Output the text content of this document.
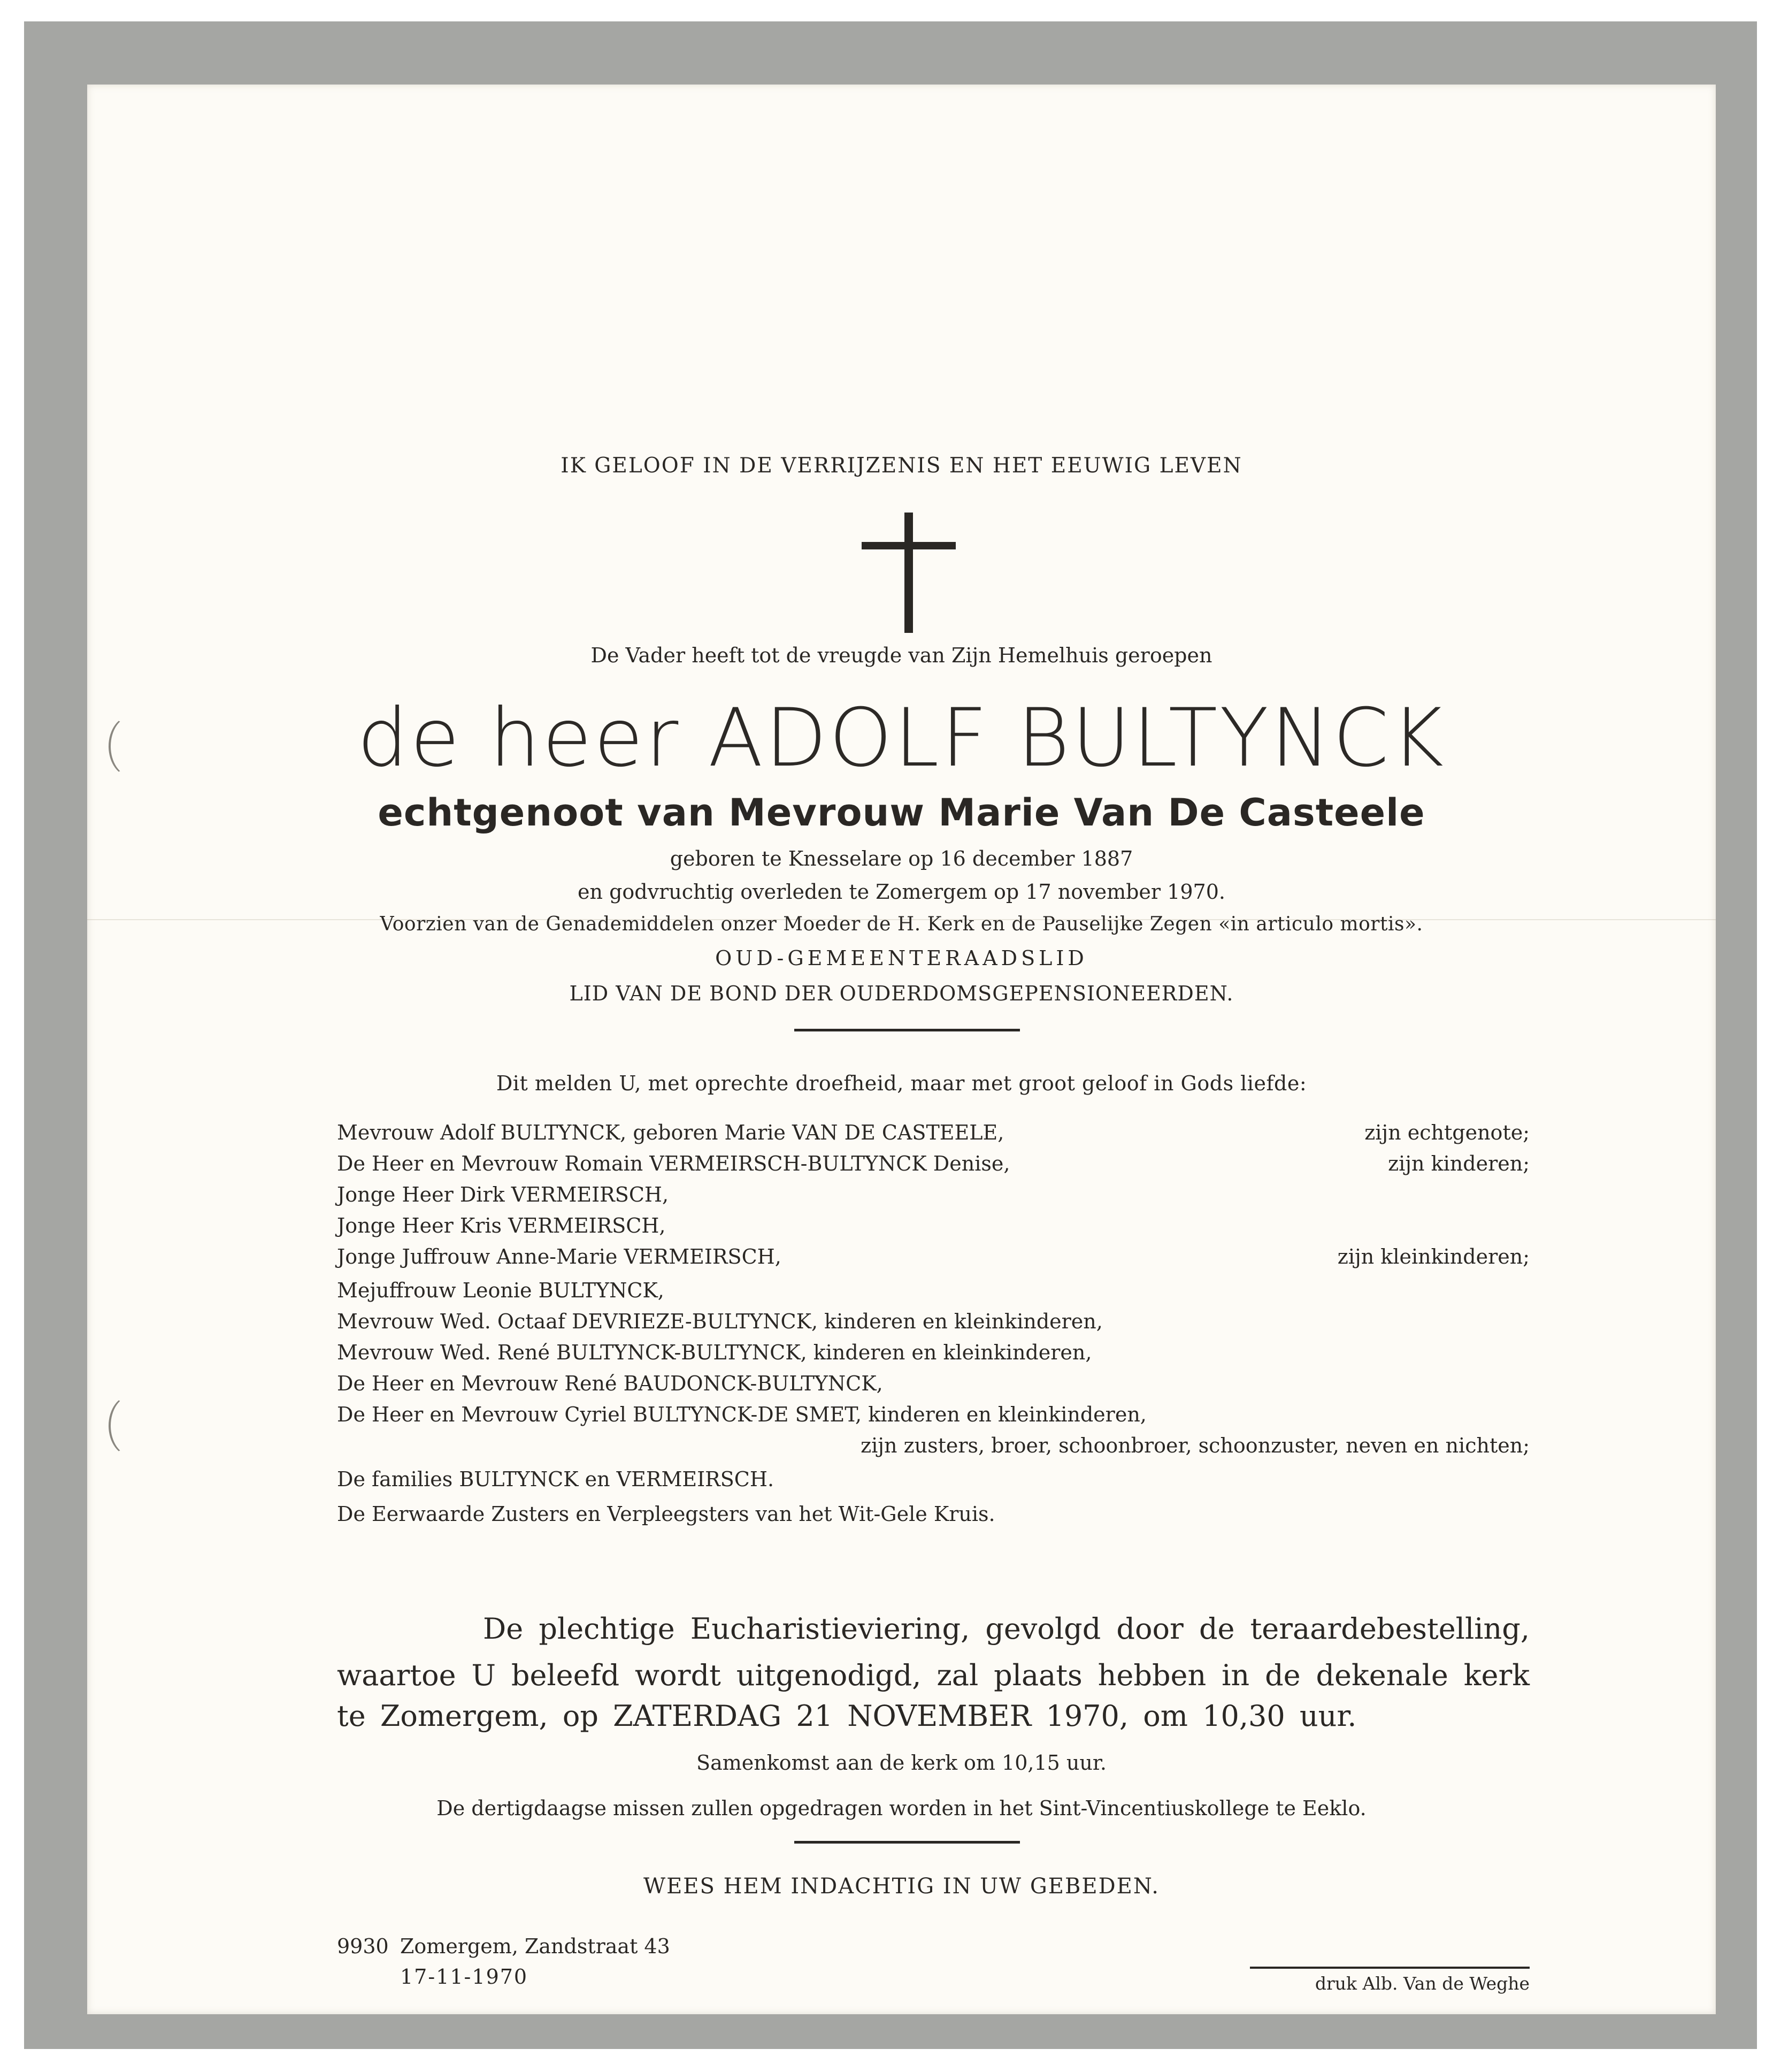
IK GELOOF IN DE VERRIJZENIS EN HET EEUWIG LEVEN
De Vader heeft tot de vreugde van Zijn Hemelhuis geroepen
de heer ADOLF BULTYNCK
echtgenoot van Mevrouw Marie Van De Casteele
geboren te Knesselare op 16 december 1887
en godvruchtig overleden te Zomergem op 17 november 1970.
Voorzien van de Genademiddelen onzer Moeder de H. Kerk en de Pauselijke Zegen «in articulo mortis».
OUD-GEMEENTERAADSLID
LID VAN DE BOND DER OUDERDOMSGEPENSIONEERDEN.
Dit melden U, met oprechte droefheid, maar met groot geloof in Gods liefde:
Mevrouw Adolf BULTYNCK, geboren Marie VAN DE CASTEELE,	zijn echtgenote;
De Heer en Mevrouw Romain VERMEIRSCH-BULTYNCK Denise,	zijn kinderen;
Jonge Heer Dirk VERMEIRSCH,
Jonge Heer Kris VERMEIRSCH,
Jonge Juffrouw Anne-Marie VERMEIRSCH,	zijn kleinkinderen;
Mejuffrouw Leonie BULTYNCK,
Mevrouw Wed. Octaaf DEVRIEZE-BULTYNCK, kinderen en kleinkinderen,
Mevrouw Wed. René BULTYNCK-BULTYNCK, kinderen en kleinkinderen,
De Heer en Mevrouw René BAUDONCK-BULTYNCK,
De Heer en Mevrouw Cyriel BULTYNCK-DE SMET, kinderen en kleinkinderen,
zijn zusters, broer, schoonbroer, schoonzuster, neven en nichten;
De families BULTYNCK en VERMEIRSCH.
De Eerwaarde Zusters en Verpleegsters van het Wit-Gele Kruis.
De plechtige Eucharistieviering, gevolgd door de teraardebestelling,
waartoe U beleefd wordt uitgenodigd, zal plaats hebben in de dekenale kerk
te Zomergem, op ZATERDAG 21 NOVEMBER 1970, om 10,30 uur.
Samenkomst aan de kerk om 10,15 uur.
De dertigdaagse missen zullen opgedragen worden in het Sint-Vincentiuskollege te Eeklo.
WEES HEM INDACHTIG IN UW GEBEDEN.
9930 Zomergem, Zandstraat 43
17-11-1970	druk Alb. Van de Weghe
